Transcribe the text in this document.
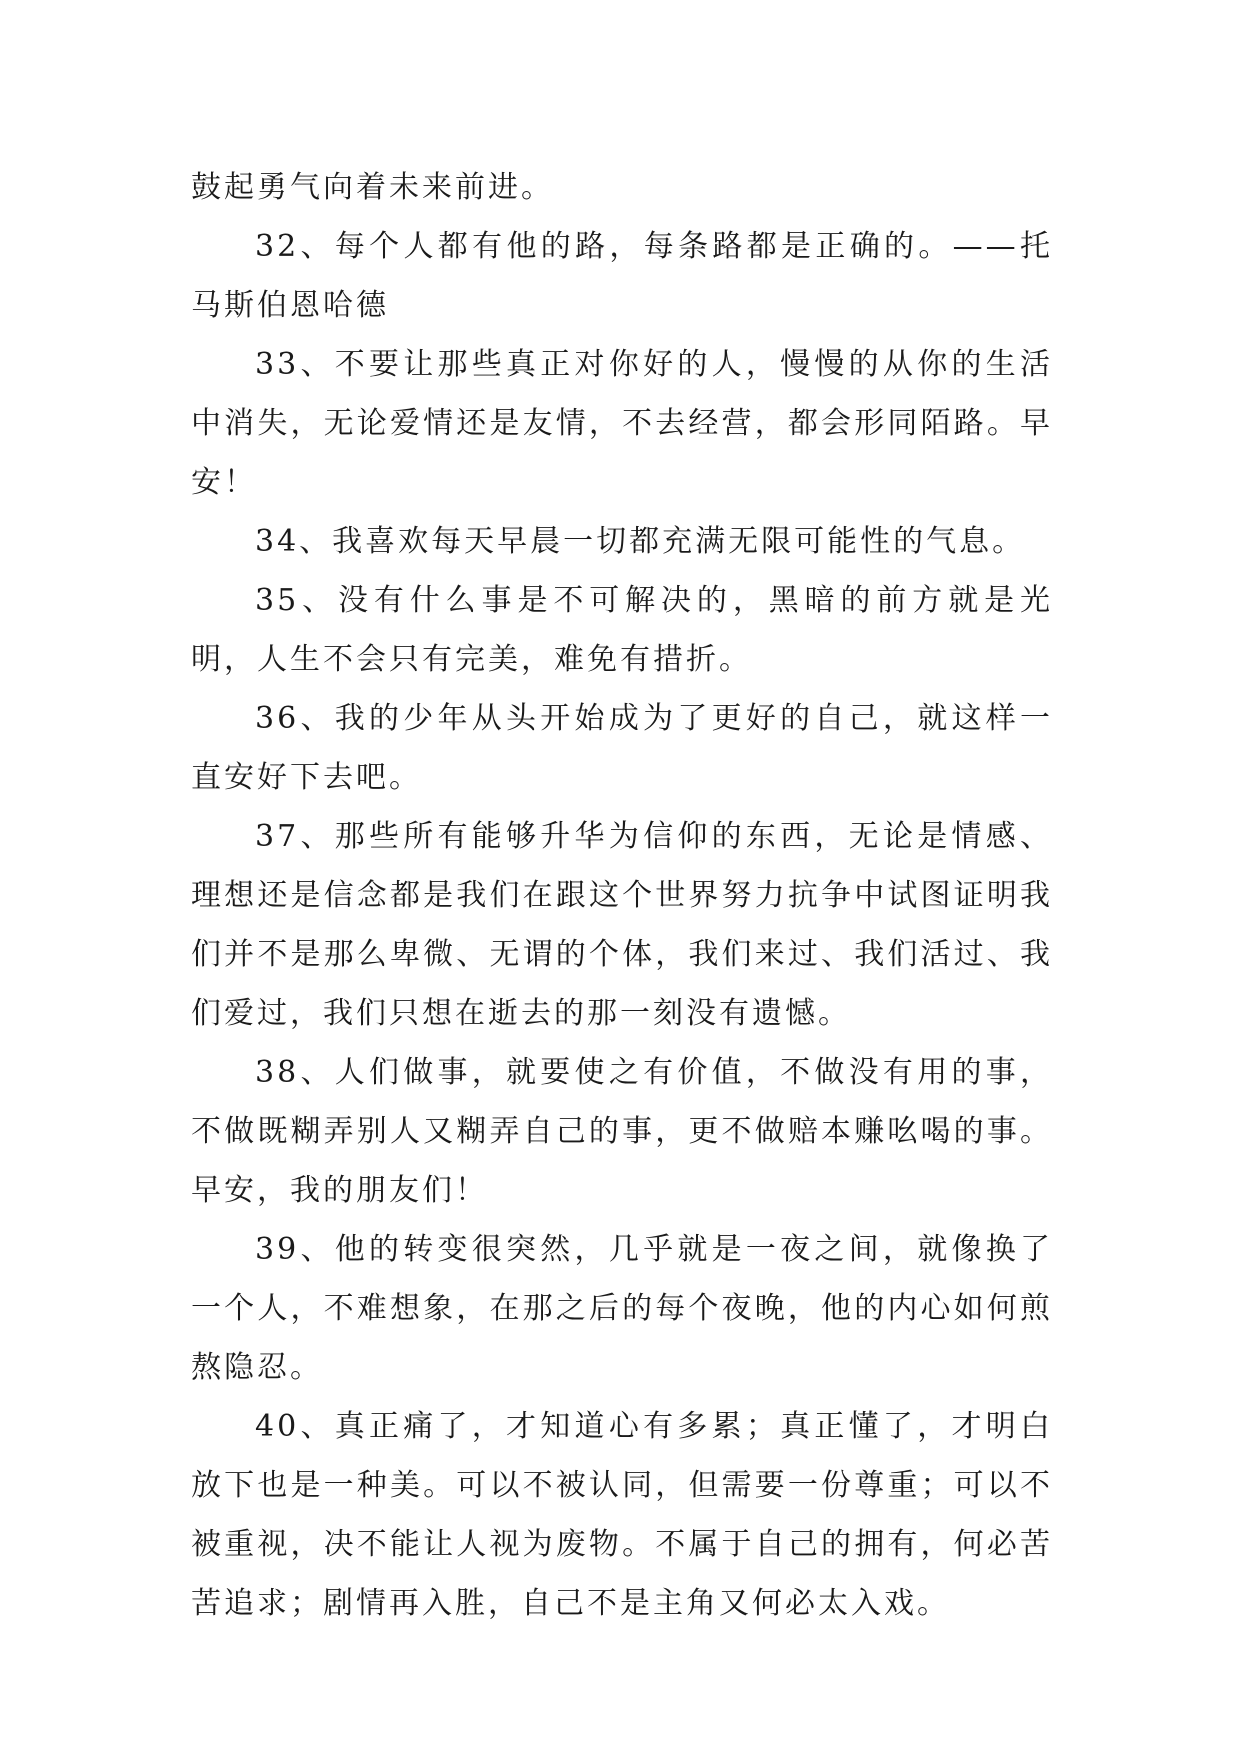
鼓起勇气向着未来前进。

32、每个人都有他的路，每条路都是正确的。——托马斯伯恩哈德

33、不要让那些真正对你好的人，慢慢的从你的生活中消失，无论爱情还是友情，不去经营，都会形同陌路。早安！

34、我喜欢每天早晨一切都充满无限可能性的气息。

35、没有什么事是不可解决的，黑暗的前方就是光明，人生不会只有完美，难免有措折。

36、我的少年从头开始成为了更好的自己，就这样一直安好下去吧。

37、那些所有能够升华为信仰的东西，无论是情感、理想还是信念都是我们在跟这个世界努力抗争中试图证明我们并不是那么卑微、无谓的个体，我们来过、我们活过、我们爱过，我们只想在逝去的那一刻没有遗憾。

38、人们做事，就要使之有价值，不做没有用的事，不做既糊弄别人又糊弄自己的事，更不做赔本赚吆喝的事。早安，我的朋友们！

39、他的转变很突然，几乎就是一夜之间，就像换了一个人，不难想象，在那之后的每个夜晚，他的内心如何煎熬隐忍。

40、真正痛了，才知道心有多累；真正懂了，才明白放下也是一种美。可以不被认同，但需要一份尊重；可以不被重视，决不能让人视为废物。不属于自己的拥有，何必苦苦追求；剧情再入胜，自己不是主角又何必太入戏。
